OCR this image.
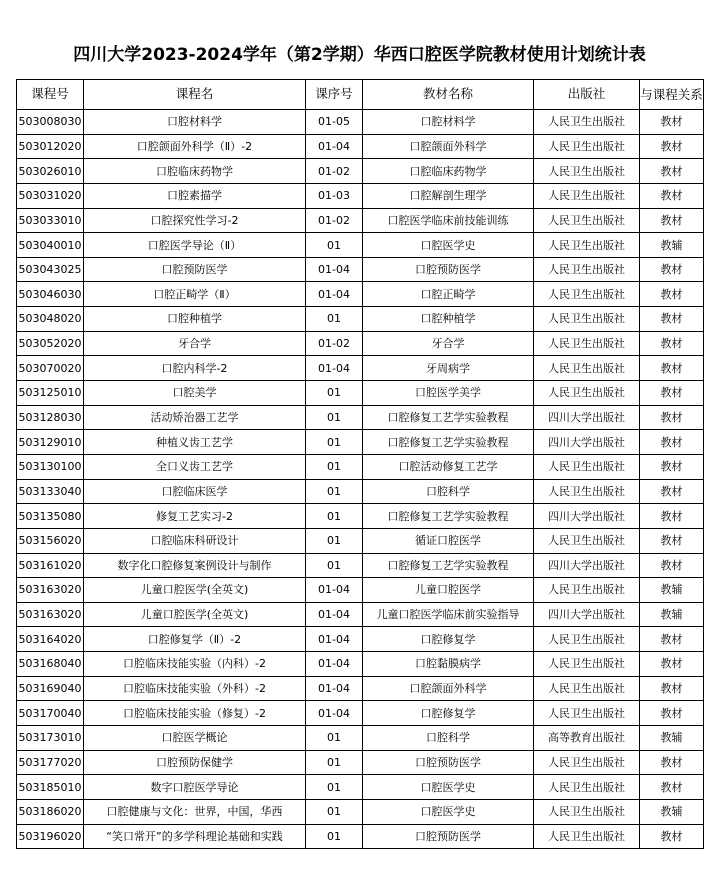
四川大学2023-2024学年（第2学期）华西口腔医学院教材使用计划统计表
课程号	课程名	课序号	教材名称	出版社	与课程关系
503008030	口腔材料学	01-05	口腔材料学	人民卫生出版社	教材
503012020	口腔颌面外科学（Ⅱ）-2	01-04	口腔颌面外科学	人民卫生出版社	教材
503026010	口腔临床药物学	01-02	口腔临床药物学	人民卫生出版社	教材
503031020	口腔素描学	01-03	口腔解剖生理学	人民卫生出版社	教材
503033010	口腔探究性学习-2	01-02	口腔医学临床前技能训练	人民卫生出版社	教材
503040010	口腔医学导论（Ⅱ）	01	口腔医学史	人民卫生出版社	教辅
503043025	口腔预防医学	01-04	口腔预防医学	人民卫生出版社	教材
503046030	口腔正畸学（Ⅱ）	01-04	口腔正畸学	人民卫生出版社	教材
503048020	口腔种植学	01	口腔种植学	人民卫生出版社	教材
503052020	牙合学	01-02	牙合学	人民卫生出版社	教材
503070020	口腔内科学-2	01-04	牙周病学	人民卫生出版社	教材
503125010	口腔美学	01	口腔医学美学	人民卫生出版社	教材
503128030	活动矫治器工艺学	01	口腔修复工艺学实验教程	四川大学出版社	教材
503129010	种植义齿工艺学	01	口腔修复工艺学实验教程	四川大学出版社	教材
503130100	全口义齿工艺学	01	口腔活动修复工艺学	人民卫生出版社	教材
503133040	口腔临床医学	01	口腔科学	人民卫生出版社	教材
503135080	修复工艺实习-2	01	口腔修复工艺学实验教程	四川大学出版社	教材
503156020	口腔临床科研设计	01	循证口腔医学	人民卫生出版社	教材
503161020	数字化口腔修复案例设计与制作	01	口腔修复工艺学实验教程	四川大学出版社	教材
503163020	儿童口腔医学(全英文)	01-04	儿童口腔医学	人民卫生出版社	教辅
503163020	儿童口腔医学(全英文)	01-04	儿童口腔医学临床前实验指导	四川大学出版社	教辅
503164020	口腔修复学（Ⅱ）-2	01-04	口腔修复学	人民卫生出版社	教材
503168040	口腔临床技能实验（内科）-2	01-04	口腔黏膜病学	人民卫生出版社	教材
503169040	口腔临床技能实验（外科）-2	01-04	口腔颌面外科学	人民卫生出版社	教材
503170040	口腔临床技能实验（修复）-2	01-04	口腔修复学	人民卫生出版社	教材
503173010	口腔医学概论	01	口腔科学	高等教育出版社	教辅
503177020	口腔预防保健学	01	口腔预防医学	人民卫生出版社	教材
503185010	数字口腔医学导论	01	口腔医学史	人民卫生出版社	教材
503186020	口腔健康与文化：世界，中国，华西	01	口腔医学史	人民卫生出版社	教辅
503196020	“笑口常开”的多学科理论基础和实践	01	口腔预防医学	人民卫生出版社	教材
